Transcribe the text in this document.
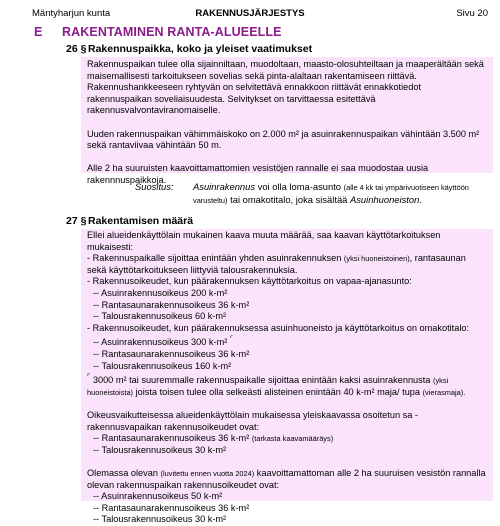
Mäntyharjun kunta	RAKENNUSJÄRJESTYS	Sivu 20
E RAKENTAMINEN RANTA-ALUEELLE
26 § Rakennuspaikka, koko ja yleiset vaatimukset

Rakennuspaikan tulee olla sijainniltaan, muodoltaan, maasto-olosuhteiltaan ja maaperältään sekä maisemallisesti tarkoitukseen sovelias sekä pinta-alaltaan rakentamiseen riittävä. Rakennushankkeeseen ryhtyvän on selvitettävä ennakkoon riittävät ennakkotiedot rakennuspaikan soveliaisuudesta. Selvitykset on tarvittaessa esitettävä rakennusvalvontaviranomaiselle.

Uuden rakennuspaikan vähimmäiskoko on 2.000 m² ja asuinrakennuspaikan vähintään 3.500 m² sekä rantaviivaa vähintään 50 m.

Alle 2 ha suuruisten kaavoittamattomien vesistöjen rannalle ei saa muodostaa uusia rakennnuspaikkoja.

Suositus: Asuinrakennus voi olla loma-asunto (alle 4 kk tai ympärivuotiseen käyttöön varusteltu) tai omakotitalo, joka sisältää Asuinhuoneiston.
27 § Rakentamisen määrä

Ellei alueidenkäyttölain mukainen kaava muuta määrää, saa kaavan käyttötarkoituksen mukaisesti:

- Rakennuspaikalle sijoittaa enintään yhden asuinrakennuksen (yksi huoneistoinen), rantasaunan sekä käyttötarkoitukseen liittyviä talousrakennuksia.

- Rakennusoikeudet, kun päärakennuksen käyttötarkoitus on vapaa-ajanasunto:

-- Asuinrakennusoikeus 200 k-m²

-- Rantasaunarakennusoikeus 36 k-m²

-- Talousrakennusoikeus 60 k-m²

- Rakennusoikeudet, kun päärakennuksessa asuinhuoneisto ja käyttötarkoitus on omakotitalo:

-- Asuinrakennusoikeus 300 k-m² ⌜

-- Rantasaunarakennusoikeus 36 k-m²

-- Talousrakennusoikeus 160 k-m²

⌜ 3000 m² tai suuremmalle rakennuspaikalle sijoittaa enintään kaksi asuinrakennusta (yksi huoneistoista) joista toisen tulee olla selkeästi alisteinen enintään 40 k-m² majа/ tupa (vierasmaja).

Oikeusvaikutteisessa alueidenkäyttölain mukaisessa yleiskaavassa osoitetun sa -rakennusvapaikan rakennusoikeudet ovat:

-- Rantasaunarakennusoikeus 36 k-m² (tarkasta kaavamääräys)

-- Talousrakennusoikeus 30 k-m²

Olemassa olevan (luvitettu ennen vuotta 2024) kaavoittamattoman alle 2 ha suuruisen vesistön rannalla olevan rakennuspaikan rakennusoikeudet ovat:

-- Asuinrakennusoikeus 50 k-m²

-- Rantasaunarakennusoikeus 36 k-m²

-- Talousrakennusoikeus 30 k-m²
